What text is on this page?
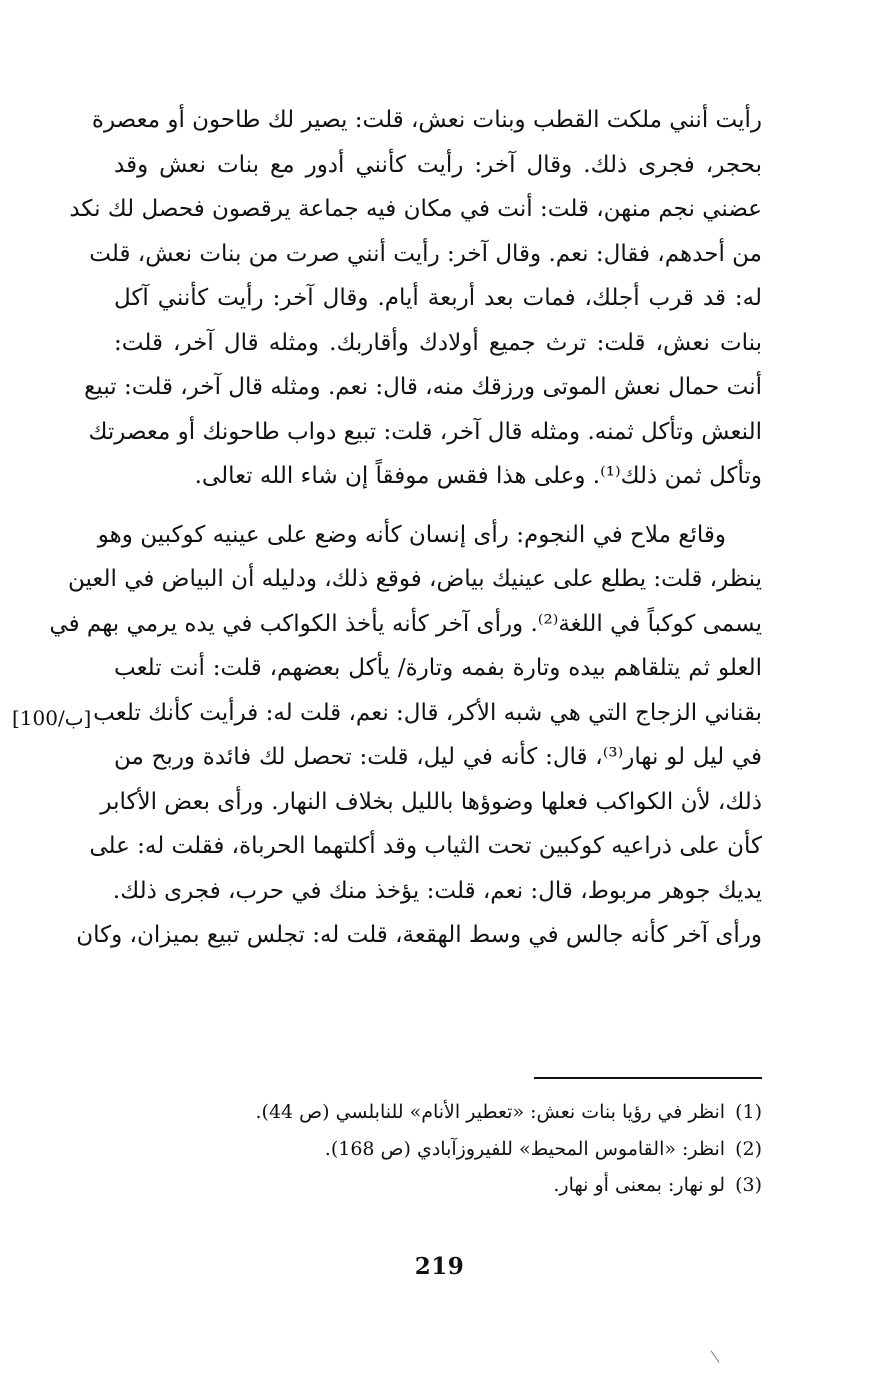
رأيت أنني ملكت القطب وبنات نعش، قلت: يصير لك طاحون أو معصرة
بحجر، فجرى ذلك. وقال آخر: رأيت كأنني أدور مع بنات نعش وقد
عضني نجم منهن، قلت: أنت في مكان فيه جماعة يرقصون فحصل لك نكد
من أحدهم، فقال: نعم. وقال آخر: رأيت أنني صرت من بنات نعش، قلت
له: قد قرب أجلك، فمات بعد أربعة أيام. وقال آخر: رأيت كأنني آكل
بنات نعش، قلت: ترث جميع أولادك وأقاربك. ومثله قال آخر، قلت:
أنت حمال نعش الموتى ورزقك منه، قال: نعم. ومثله قال آخر، قلت: تبيع
النعش وتأكل ثمنه. ومثله قال آخر، قلت: تبيع دواب طاحونك أو معصرتك
وتأكل ثمن ذلك⁽¹⁾. وعلى هذا فقس موفقاً إن شاء الله تعالى.

وقائع ملاح في النجوم: رأى إنسان كأنه وضع على عينيه كوكبين وهو
ينظر، قلت: يطلع على عينيك بياض، فوقع ذلك، ودليله أن البياض في العين
يسمى كوكباً في اللغة⁽²⁾. ورأى آخر كأنه يأخذ الكواكب في يده يرمي بهم في
العلو ثم يتلقاهم بيده وتارة بفمه وتارة/ يأكل بعضهم، قلت: أنت تلعب
بقناني الزجاج التي هي شبه الأكر، قال: نعم، قلت له: فرأيت كأنك تلعب
في ليل لو نهار⁽³⁾، قال: كأنه في ليل، قلت: تحصل لك فائدة وربح من
ذلك، لأن الكواكب فعلها وضوؤها بالليل بخلاف النهار. ورأى بعض الأكابر
كأن على ذراعيه كوكبين تحت الثياب وقد أكلتهما الحرباة، فقلت له: على
يديك جوهر مربوط، قال: نعم، قلت: يؤخذ منك في حرب، فجرى ذلك.
ورأى آخر كأنه جالس في وسط الهقعة، قلت له: تجلس تبيع بميزان، وكان

[100/ب]
(1)انظر في رؤيا بنات نعش: «تعطير الأنام» للنابلسي (ص 44).
(2)انظر: «القاموس المحيط» للفيروزآبادي (ص 168).
(3)لو نهار: بمعنى أو نهار.
219
